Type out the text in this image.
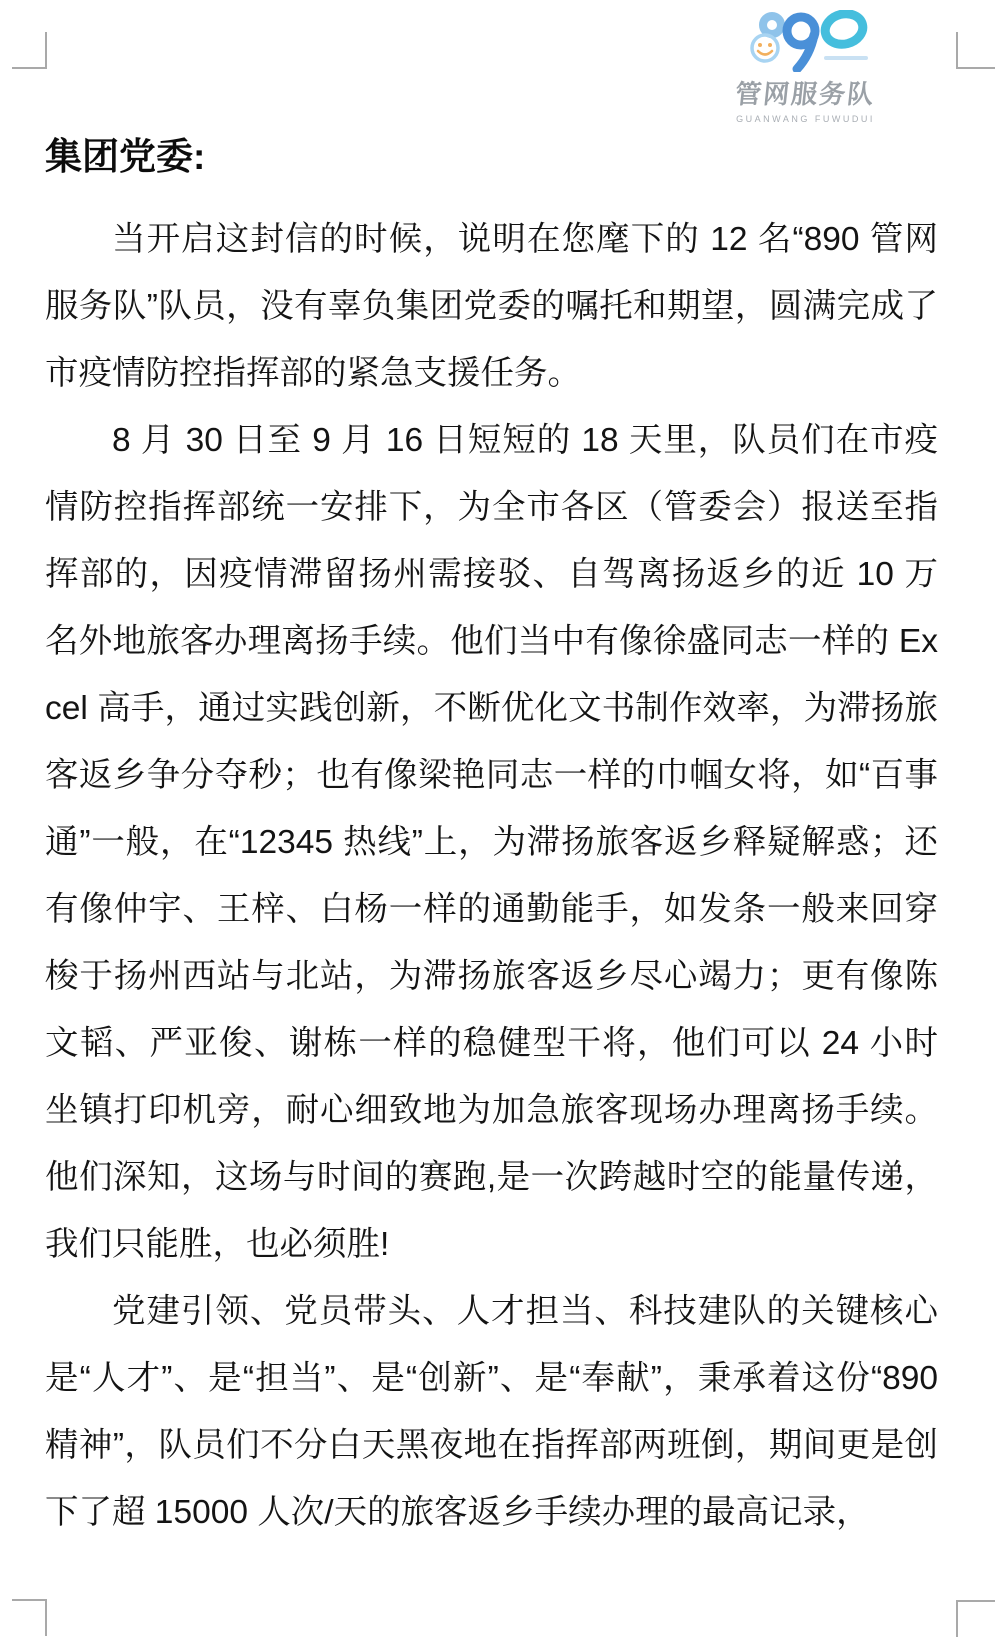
管网服务队
GUANWANG FUWUDUI
集团党委:

当开启这封信的时候，说明在您麾下的 12 名“890 管网服务队”队员，没有辜负集团党委的嘱托和期望，圆满完成了市疫情防控指挥部的紧急支援任务。

8 月 30 日至 9 月 16 日短短的 18 天里，队员们在市疫情防控指挥部统一安排下，为全市各区（管委会）报送至指挥部的，因疫情滞留扬州需接驳、自驾离扬返乡的近 10 万名外地旅客办理离扬手续。他们当中有像徐盛同志一样的 Excel 高手，通过实践创新，不断优化文书制作效率，为滞扬旅客返乡争分夺秒；也有像梁艳同志一样的巾帼女将，如“百事通”一般，在“12345 热线”上，为滞扬旅客返乡释疑解惑；还有像仲宇、王梓、白杨一样的通勤能手，如发条一般来回穿梭于扬州西站与北站，为滞扬旅客返乡尽心竭力；更有像陈文韬、严亚俊、谢栋一样的稳健型干将，他们可以 24 小时坐镇打印机旁，耐心细致地为加急旅客现场办理离扬手续。他们深知，这场与时间的赛跑,是一次跨越时空的能量传递，我们只能胜，也必须胜!

党建引领、党员带头、人才担当、科技建队的关键核心是“人才”、是“担当”、是“创新”、是“奉献”，秉承着这份“890精神”，队员们不分白天黑夜地在指挥部两班倒，期间更是创下了超 15000 人次/天的旅客返乡手续办理的最高记录，
